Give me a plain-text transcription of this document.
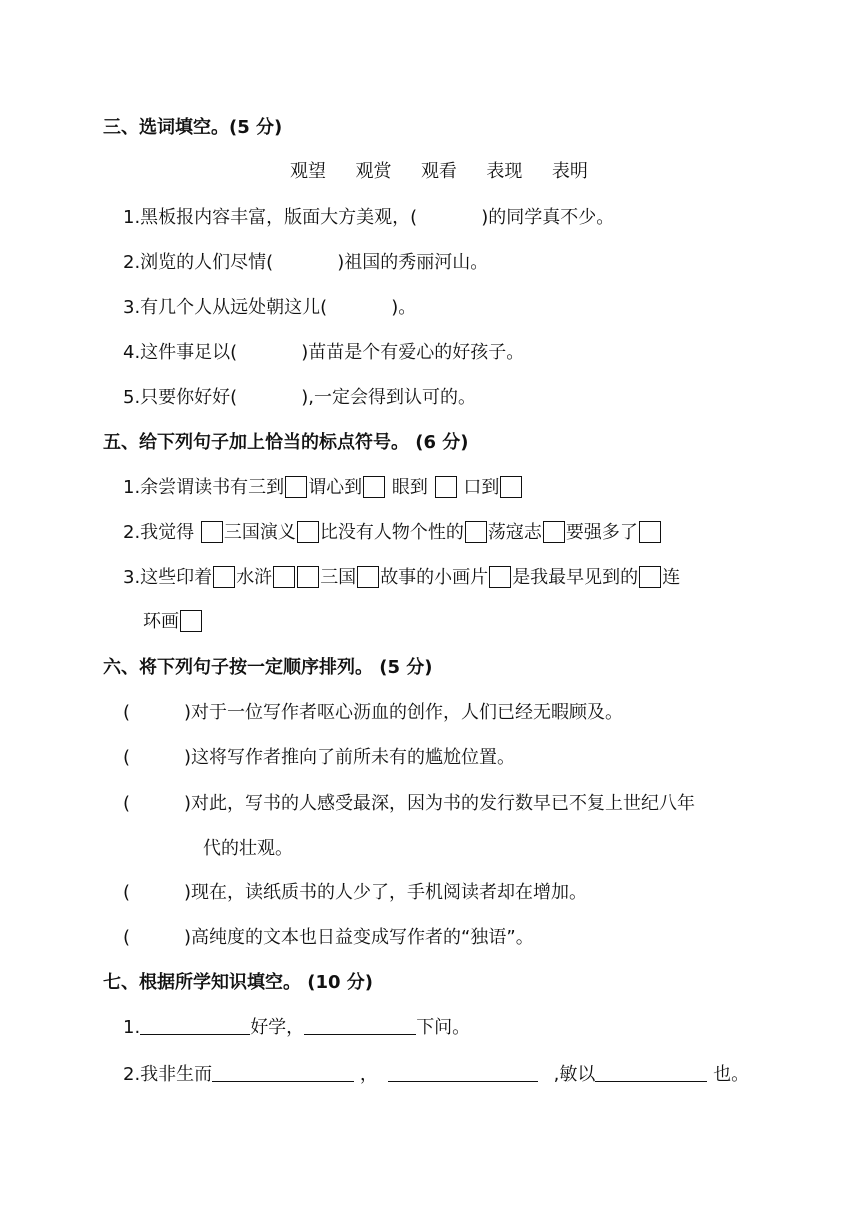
三、选词填空。(5 分)
观望 观赏 观看 表现 表明
1.黑板报内容丰富，版面大方美观，(	)的同学真不少。
2.浏览的人们尽情(	)祖国的秀丽河山。
3.有几个人从远处朝这儿(	)。
4.这件事足以(	)苗苗是个有爱心的好孩子。
5.只要你好好(	),一定会得到认可的。
五、给下列句子加上恰当的标点符号。 (6 分)
1.余尝谓读书有三到 谓心到 眼到  口到
2.我觉得 三国演义 比没有人物个性的 荡寇志 要强多了
3.这些印着 水浒	三国 故事的小画片 是我最早见到的 连
环画
六、将下列句子按一定顺序排列。 (5 分)
(	)对于一位写作者呕心沥血的创作，人们已经无暇顾及。
(	)这将写作者推向了前所未有的尴尬位置。
(	)对此，写书的人感受最深，因为书的发行数早已不复上世纪八年
代的壮观。
(	)现在，读纸质书的人少了，手机阅读者却在增加。
(	)高纯度的文本也日益变成写作者的“独语”。
七、根据所学知识填空。 (10 分)
1.	好学，	下问。
2.我非生而	，	,敏以	也。
